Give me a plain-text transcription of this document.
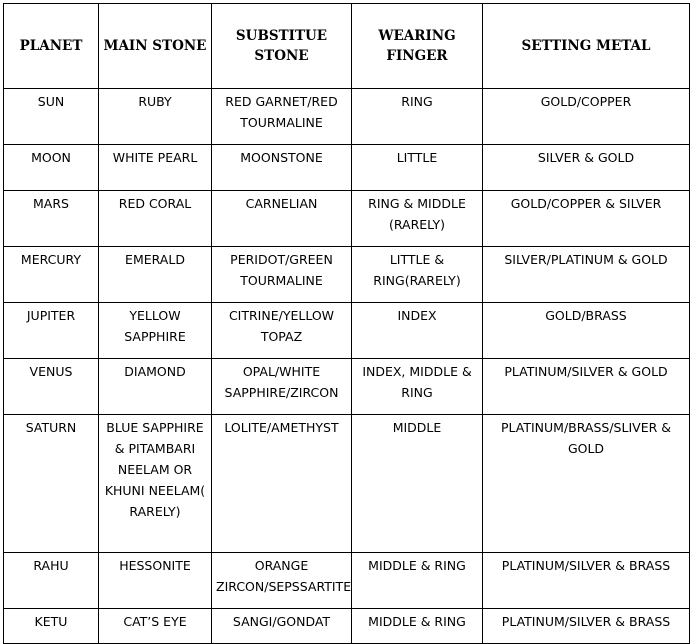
PLANET	MAIN STONE	SUBSTITUE STONE	WEARING FINGER	SETTING METAL
SUN	RUBY	RED GARNET/RED TOURMALINE	RING	GOLD/COPPER
MOON	WHITE PEARL	MOONSTONE	LITTLE	SILVER & GOLD
MARS	RED CORAL	CARNELIAN	RING & MIDDLE (RARELY)	GOLD/COPPER & SILVER
MERCURY	EMERALD	PERIDOT/GREEN TOURMALINE	LITTLE & RING(RARELY)	SILVER/PLATINUM & GOLD
JUPITER	YELLOW SAPPHIRE	CITRINE/YELLOW TOPAZ	INDEX	GOLD/BRASS
VENUS	DIAMOND	OPAL/WHITE SAPPHIRE/ZIRCON	INDEX, MIDDLE & RING	PLATINUM/SILVER & GOLD
SATURN	BLUE SAPPHIRE & PITAMBARI NEELAM OR KHUNI NEELAM( RARELY)	LOLITE/AMETHYST	MIDDLE	PLATINUM/BRASS/SLIVER & GOLD
RAHU	HESSONITE	ORANGE ZIRCON/SEPSSARTITE	MIDDLE & RING	PLATINUM/SILVER & BRASS
KETU	CAT’S EYE	SANGI/GONDAT	MIDDLE & RING	PLATINUM/SILVER & BRASS
